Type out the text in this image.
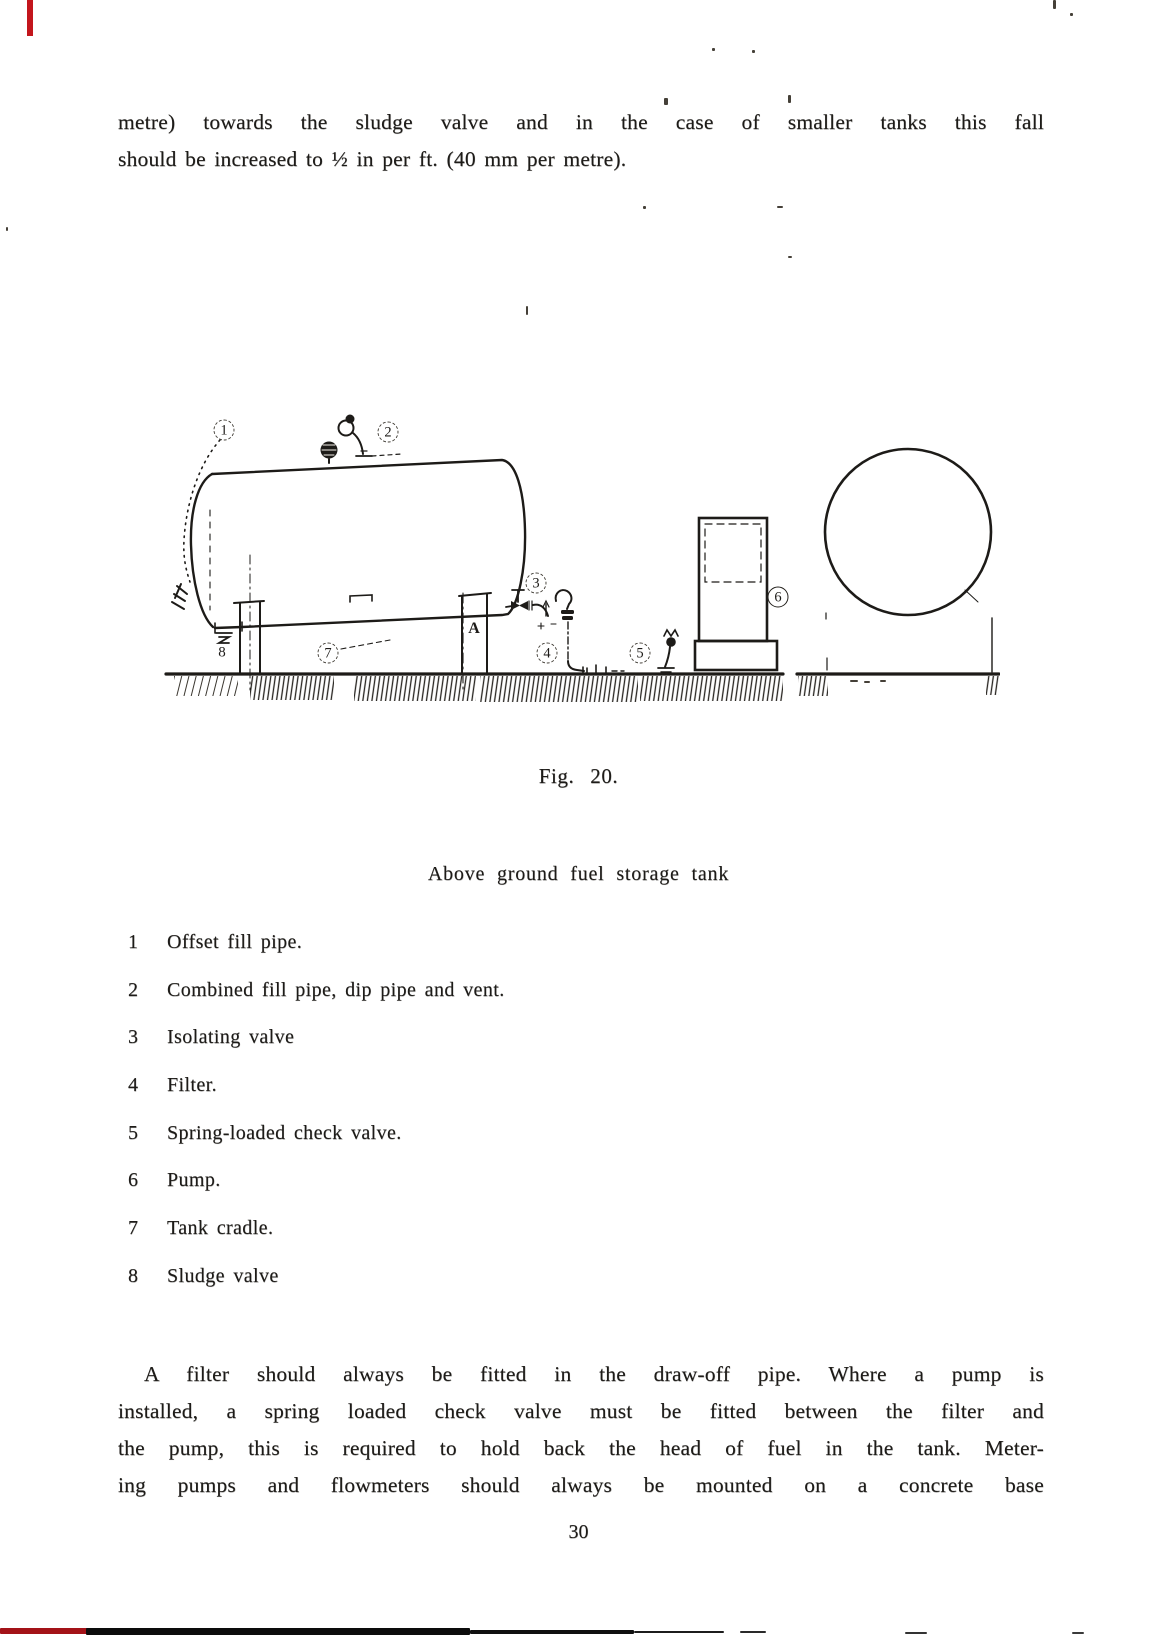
metre) towards the sludge valve and in the case of smaller tanks this fall
should be increased to ½ in per ft. (40 mm per metre).
1	2
3
4	5
6
7
8
A
Fig. 20.
Above ground fuel storage tank
1	Offset fill pipe.
2	Combined fill pipe, dip pipe and vent.
3	Isolating valve
4	Filter.
5	Spring-loaded check valve.
6	Pump.
7	Tank cradle.
8	Sludge valve
A filter should always be fitted in the draw-off pipe. Where a pump is
installed, a spring loaded check valve must be fitted between the filter and
the pump, this is required to hold back the head of fuel in the tank. Meter-
ing pumps and flowmeters should always be mounted on a concrete base
30
